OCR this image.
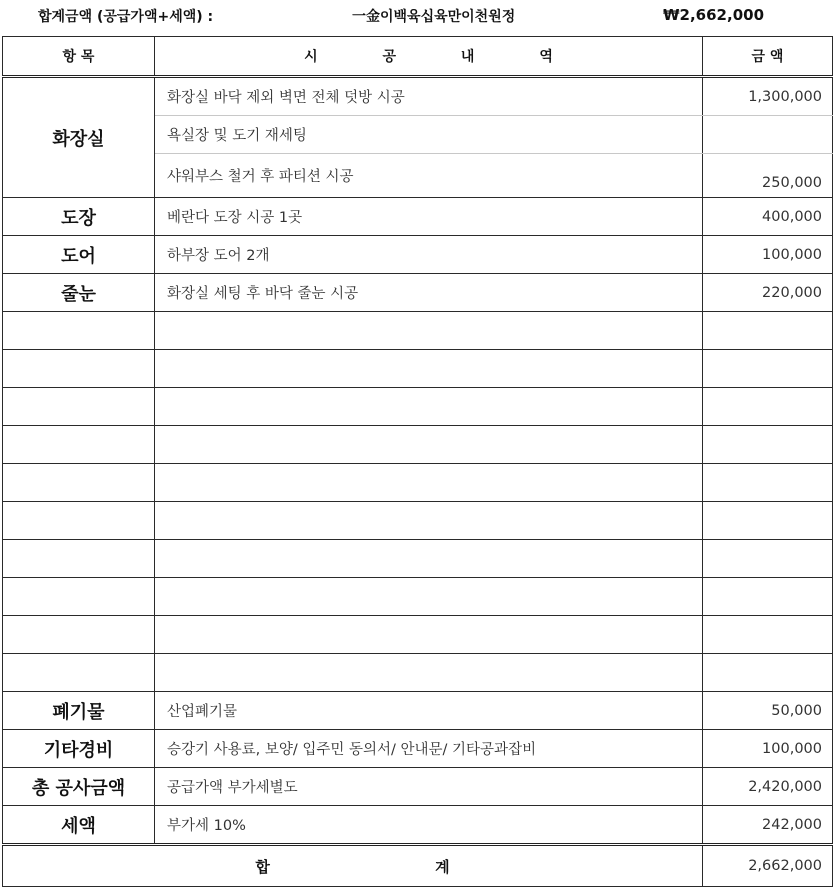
합계금액 (공급가액+세액) :	一金이백육십육만이천원정	₩2,662,000
항 목	시 공 내 역	금 액
화장실	화장실 바닥 제외 벽면 전체 덧방 시공	1,300,000
	욕실장 및 도기 재세팅	
	샤워부스 철거 후 파티션 시공	250,000
도장	베란다 도장 시공 1곳	400,000
도어	하부장 도어 2개	100,000
줄눈	화장실 세팅 후 바닥 줄눈 시공	220,000

폐기물	산업폐기물	50,000
기타경비	승강기 사용료, 보양/ 입주민 동의서/ 안내문/ 기타공과잡비	100,000
총 공사금액	공급가액 부가세별도	2,420,000
세액	부가세 10%	242,000
합 계		2,662,000
